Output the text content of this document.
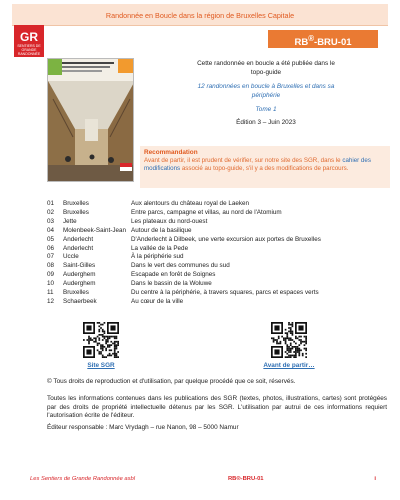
Randonnée en Boucle dans la région de Bruxelles Capitale
GR
SENTIERS DE GRANDE RANDONNÉE
RB®-BRU-01
Cette randonnée en boucle a été publiée dans le
topo-guide
12 randonnées en boucle à Bruxelles et dans sa
périphérie
Tome 1
Édition 3 – Juin 2023
Recommandation
Avant de partir, il est prudent de vérifier, sur notre site des SGR, dans le cahier des modifications associé au topo-guide, s'il y a des modifications de parcours.
01	Bruxelles	Aux alentours du château royal de Laeken
02	Bruxelles	Entre parcs, campagne et villas, au nord de l'Atomium
03	Jette	Les plateaux du nord-ouest
04	Molenbeek-Saint-Jean Autour de la basilique
05	Anderlecht	D'Anderlecht à Dilbeek, une verte excursion aux portes de Bruxelles
06	Anderlecht	La vallée de la Pede
07	Uccle	À la périphérie sud
08	Saint-Gilles	Dans le vert des communes du sud
09	Auderghem	Escapade en forêt de Soignes
10	Auderghem	Dans le bassin de la Woluwe
11	Bruxelles	Du centre à la périphérie, à travers squares, parcs et espaces verts
12	Schaerbeek	Au cœur de la ville
Site SGR	Avant de partir…
© Tous droits de reproduction et d'utilisation, par quelque procédé que ce soit, réservés.
Toutes les informations contenues dans les publications des SGR (textes, photos, illustrations, cartes) sont protégées par des droits de propriété intellectuelle détenus par les SGR. L'utilisation par autrui de ces informations requiert l'autorisation écrite de l'éditeur.
Éditeur responsable : Marc Vrydagh – rue Nanon, 98 – 5000 Namur
Les Sentiers de Grande Randonnée asbl	RB®-BRU-01	i
